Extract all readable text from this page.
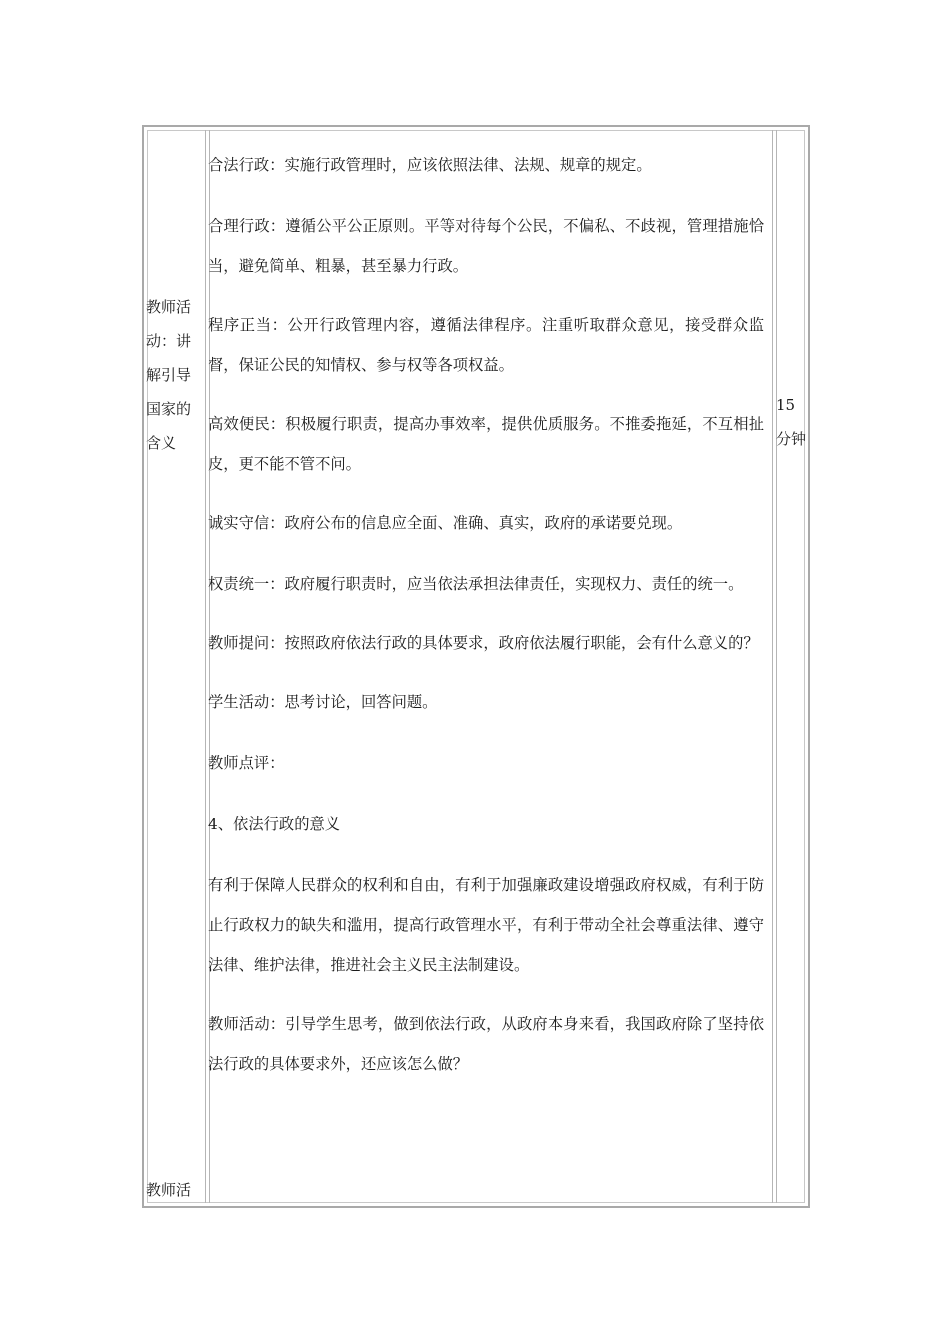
教师活动：讲解引导国家的含义
教师活
15分钟

合法行政：实施行政管理时，应该依照法律、法规、规章的规定。

合理行政：遵循公平公正原则。平等对待每个公民，不偏私、不歧视，管理措施恰当，避免简单、粗暴，甚至暴力行政。

程序正当：公开行政管理内容，遵循法律程序。注重听取群众意见，接受群众监督，保证公民的知情权、参与权等各项权益。

高效便民：积极履行职责，提高办事效率，提供优质服务。不推委拖延，不互相扯皮，更不能不管不问。

诚实守信：政府公布的信息应全面、准确、真实，政府的承诺要兑现。

权责统一：政府履行职责时，应当依法承担法律责任，实现权力、责任的统一。

教师提问：按照政府依法行政的具体要求，政府依法履行职能，会有什么意义的？

学生活动：思考讨论，回答问题。

教师点评：

4、依法行政的意义

有利于保障人民群众的权利和自由，有利于加强廉政建设增强政府权威，有利于防止行政权力的缺失和滥用，提高行政管理水平，有利于带动全社会尊重法律、遵守法律、维护法律，推进社会主义民主法制建设。

教师活动：引导学生思考，做到依法行政，从政府本身来看，我国政府除了坚持依法行政的具体要求外，还应该怎么做？
